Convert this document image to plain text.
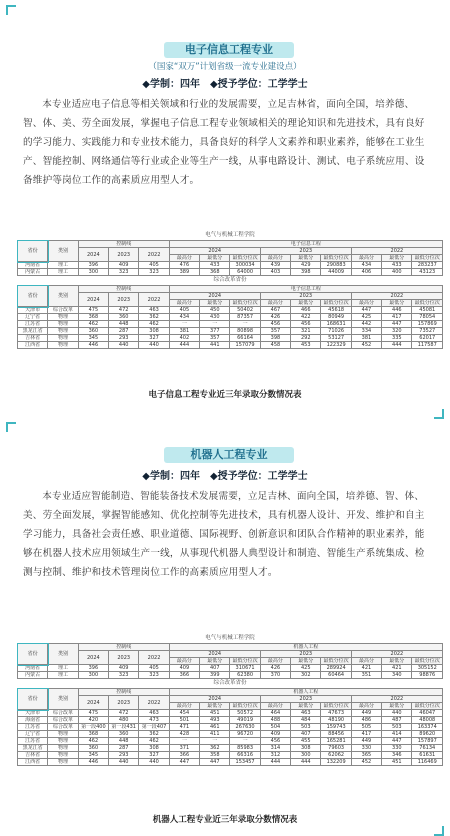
电子信息工程专业
（国家“双万”计划省级一流专业建设点）
◆学制：四年　◆授予学位：工学学士
本专业适应电子信息等相关领域和行业的发展需要，立足吉林省，面向全国，培养德、智、体、美、劳全面发展，掌握电子信息工程专业领域相关的理论知识和先进技术，具有良好的学习能力、实践能力和专业技术能力，具备良好的科学人文素养和职业素养，能够在工业生产、智能控制、网络通信等行业或企业等生产一线，从事电路设计、测试、电子系统应用、设备维护等岗位工作的高素质应用型人才。
电气与机械工程学院
省份	类别	控制线			电子信息工程								
		2024	2023	2022	2024			2023			2022		
					最高分	最低分	最低分位次	最高分	最低分	最低分位次	最高分	最低分	最低分位次
河南省	理工	396	409	405	476	433	300034	439	429	290883	434	433	283237
内蒙古	理工	300	323	323	389	368	64000	403	398	44009	406	400	43123
综合改革省份
省份	类别	控制线			电子信息工程								
		2024	2023	2022	2024			2023			2022		
					最高分	最低分	最低分位次	最高分	最低分	最低分位次	最高分	最低分	最低分位次
天津市	综合改革	475	472	463	405	450	50402	467	466	45618	447	446	45081
辽宁省	物理	368	360	362	434	430	87357	426	422	80949	425	417	78054
江苏省	物理	462	448	462	一	一	一	456	456	168631	442	447	157869
黑龙江省	物理	360	287	308	381	377	80898	357	321	71026	334	320	73527
吉林省	物理	345	293	327	402	357	66164	398	292	53127	381	335	62017
江西省	物理	446	440	440	444	441	157079	458	453	122329	452	444	117587
电子信息工程专业近三年录取分数情况表
机器人工程专业
◆学制：四年　◆授予学位：工学学士
本专业适应智能制造、智能装备技术发展需要，立足吉林、面向全国，培养德、智、体、美、劳全面发展，掌握智能感知、优化控制等先进技术，具有机器人设计、开发、维护和自主学习能力，具备社会责任感、职业道德、国际视野、创新意识和团队合作精神的职业素养，能够在机器人技术应用领域生产一线，从事现代机器人典型设计和制造、智能生产系统集成、检测与控制、维护和技术管理岗位工作的高素质应用型人才。
电气与机械工程学院
省份	类别	控制线			机器人工程								
		2024	2023	2022	2024			2023			2022		
					最高分	最低分	最低分位次	最高分	最低分	最低分位次	最高分	最低分	最低分位次
河南省	理工	396	409	405	409	407	310671	426	425	289924	421	421	305152
内蒙古	理工	300	323	323	366	399	62380	370	302	60464	351	340	98876
综合改革省份
省份	类别	控制线			机器人工程								
		2024	2023	2022	2024			2023			2022		
					最高分	最低分	最低分位次	最高分	最低分	最低分位次	最高分	最低分	最低分位次
天津市	综合改革	475	472	463	454	451	50572	464	463	47673	449	440	46047
海南省	综合改革	420	480	473	501	493	49019	488	484	48190	486	487	48008
江苏省	综合改革	第一段400	第一段431	第一段407	471	461	267630	504	503	159743	505	503	163374
辽宁省	物理	368	360	362	428	411	96720	409	407	88456	417	414	89620
江苏省	物理	462	448	462	一	一	一	456	455	165281	449	447	157897
黑龙江省	物理	360	287	308	371	362	85983	314	308	79603	330	330	76134
吉林省	物理	345	293	327	366	358	66316	312	300	62062	365	346	61631
江西省	物理	446	440	440	447	447	153457	444	444	132209	452	451	116469
机器人工程专业近三年录取分数情况表
